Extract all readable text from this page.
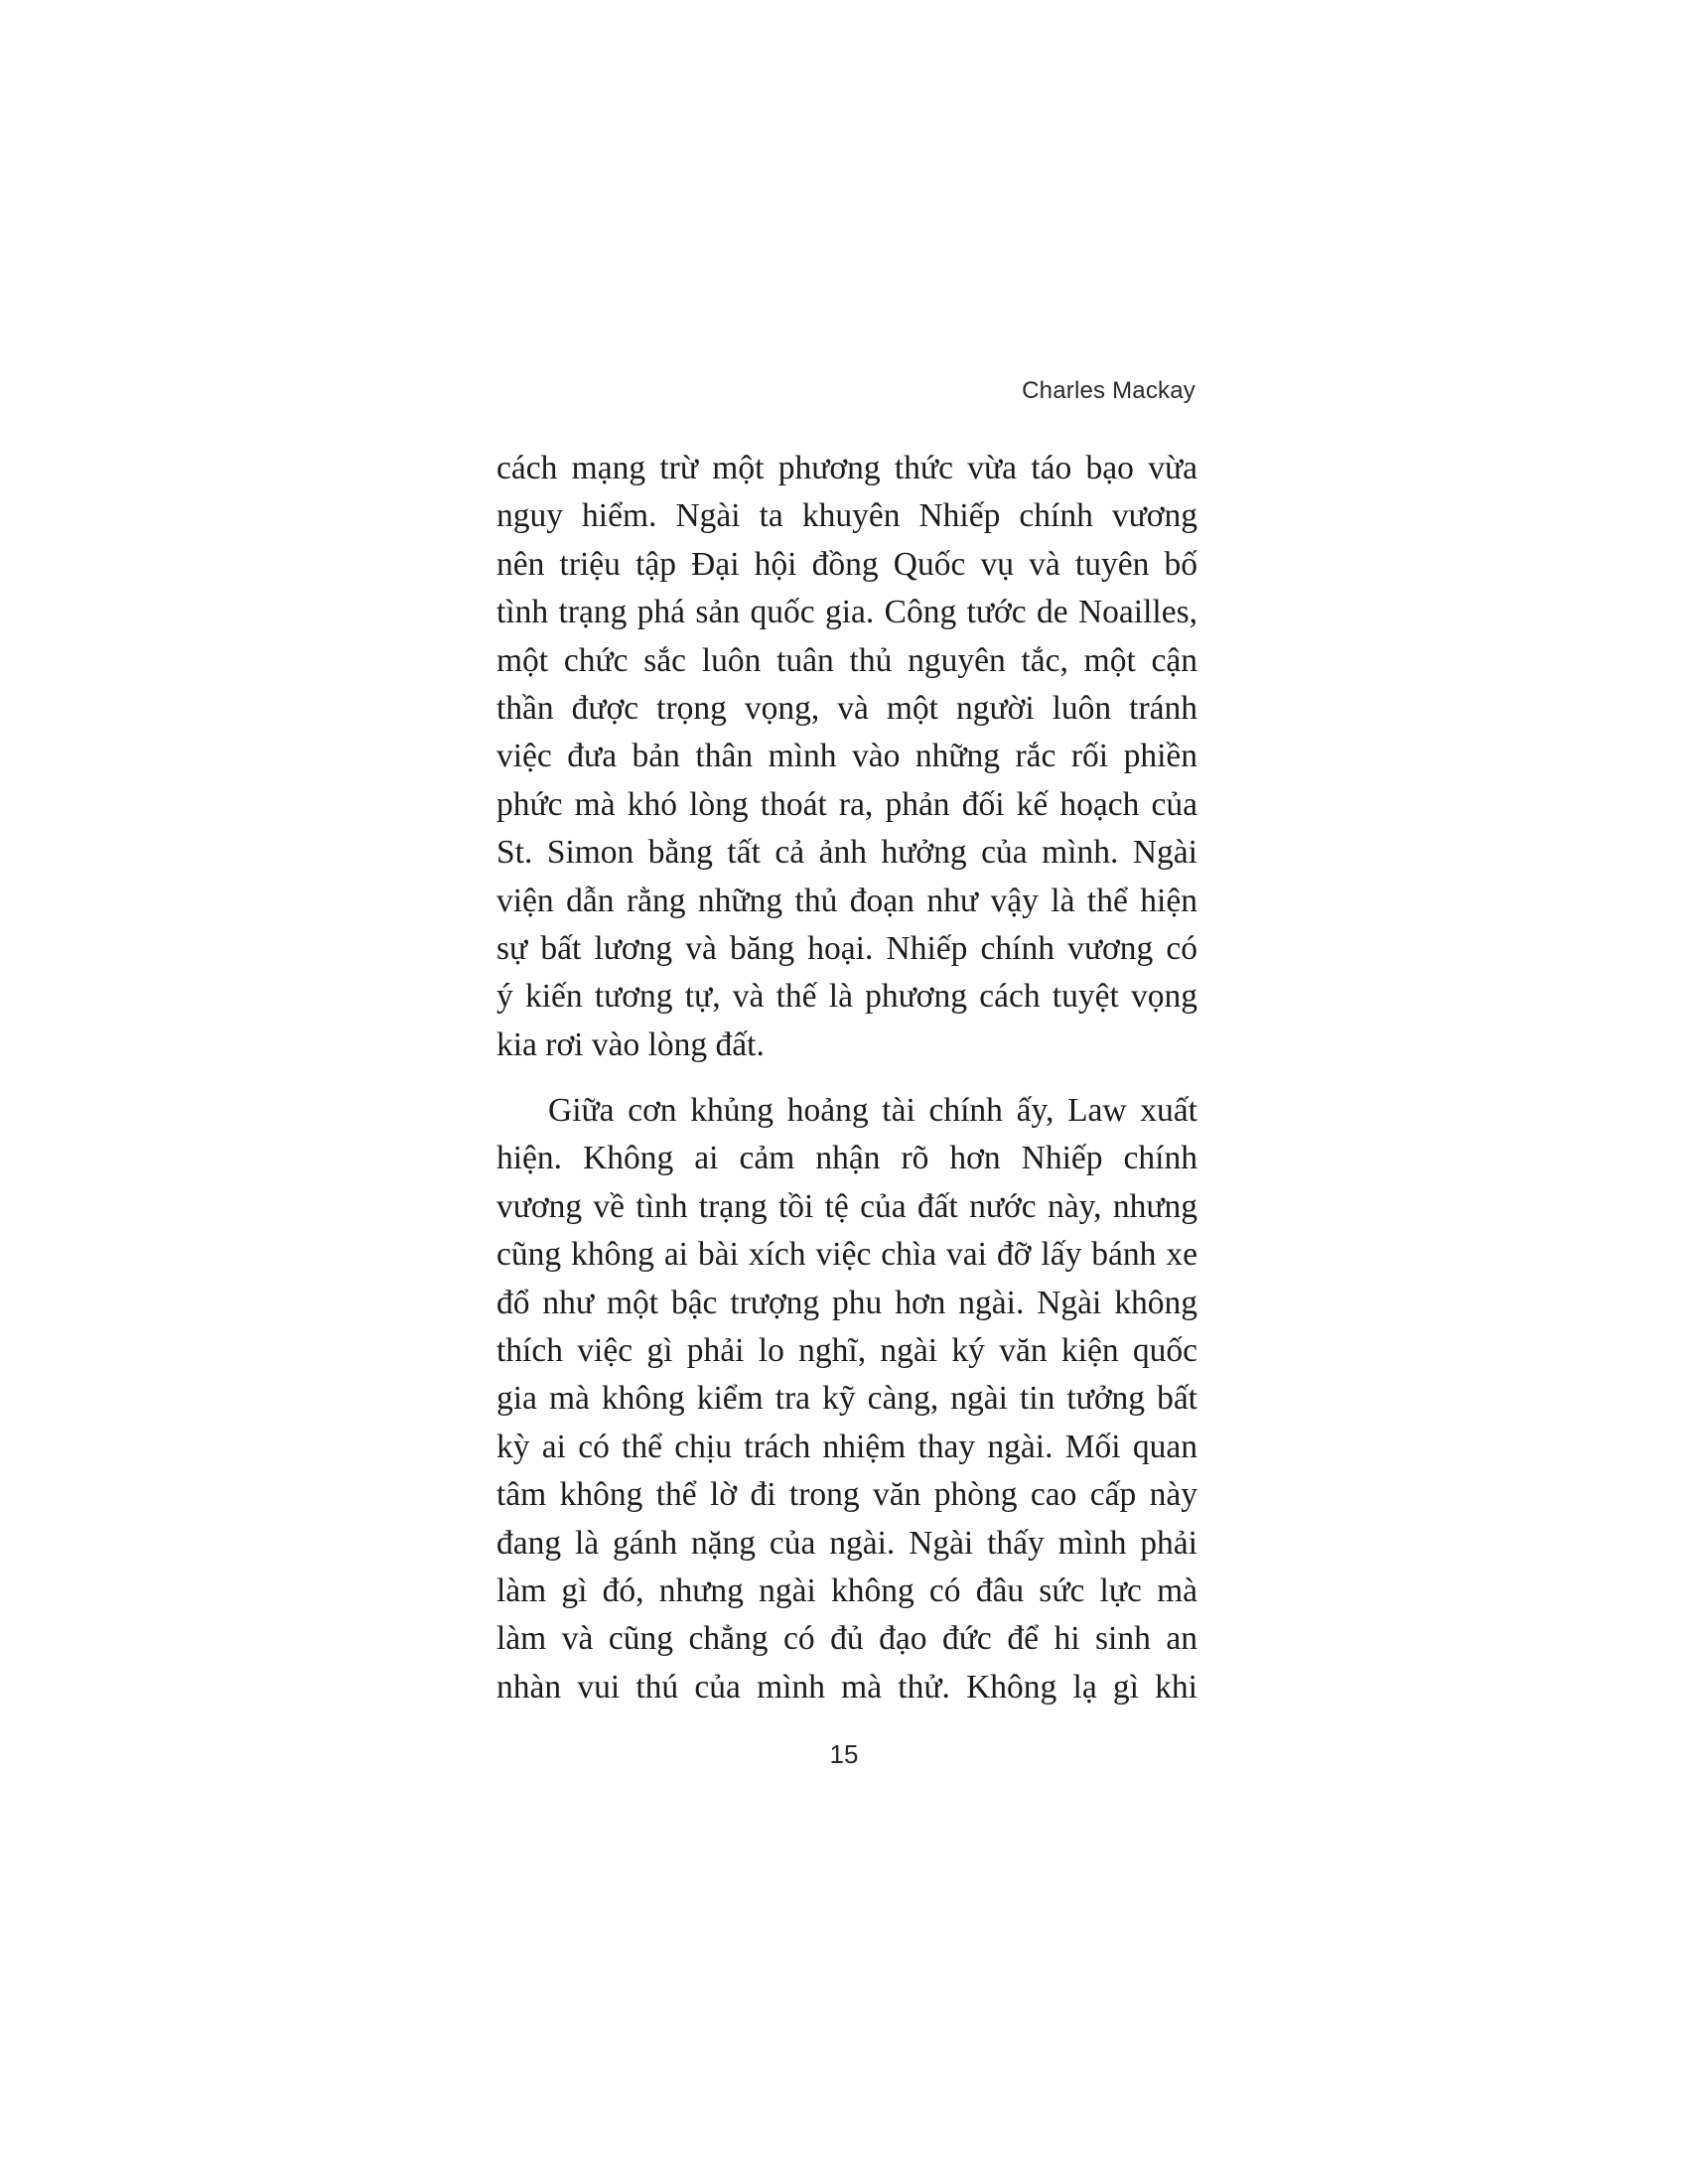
Charles Mackay
cách mạng trừ một phương thức vừa táo bạo vừa
nguy hiểm. Ngài ta khuyên Nhiếp chính vương
nên triệu tập Đại hội đồng Quốc vụ và tuyên bố
tình trạng phá sản quốc gia. Công tước de Noailles,
một chức sắc luôn tuân thủ nguyên tắc, một cận
thần được trọng vọng, và một người luôn tránh
việc đưa bản thân mình vào những rắc rối phiền
phức mà khó lòng thoát ra, phản đối kế hoạch của
St. Simon bằng tất cả ảnh hưởng của mình. Ngài
viện dẫn rằng những thủ đoạn như vậy là thể hiện
sự bất lương và băng hoại. Nhiếp chính vương có
ý kiến tương tự, và thế là phương cách tuyệt vọng
kia rơi vào lòng đất.
Giữa cơn khủng hoảng tài chính ấy, Law xuất
hiện. Không ai cảm nhận rõ hơn Nhiếp chính
vương về tình trạng tồi tệ của đất nước này, nhưng
cũng không ai bài xích việc chìa vai đỡ lấy bánh xe
đổ như một bậc trượng phu hơn ngài. Ngài không
thích việc gì phải lo nghĩ, ngài ký văn kiện quốc
gia mà không kiểm tra kỹ càng, ngài tin tưởng bất
kỳ ai có thể chịu trách nhiệm thay ngài. Mối quan
tâm không thể lờ đi trong văn phòng cao cấp này
đang là gánh nặng của ngài. Ngài thấy mình phải
làm gì đó, nhưng ngài không có đâu sức lực mà
làm và cũng chẳng có đủ đạo đức để hi sinh an
nhàn vui thú của mình mà thử. Không lạ gì khi
15
